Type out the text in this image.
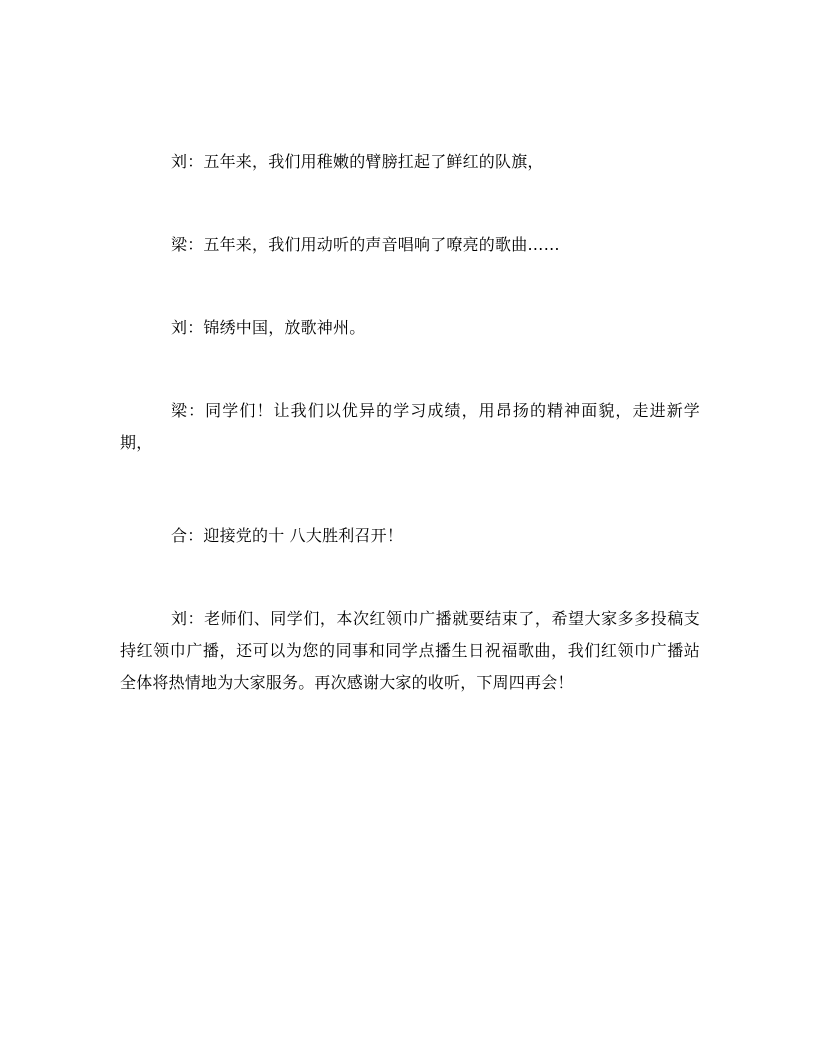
刘：五年来，我们用稚嫩的臂膀扛起了鲜红的队旗，

梁：五年来，我们用动听的声音唱响了嘹亮的歌曲……

刘：锦绣中国，放歌神州。

梁：同学们！让我们以优异的学习成绩，用昂扬的精神面貌，走进新学期，

合：迎接党的十 八大胜利召开！

刘：老师们、同学们，本次红领巾广播就要结束了，希望大家多多投稿支持红领巾广播，还可以为您的同事和同学点播生日祝福歌曲，我们红领巾广播站全体将热情地为大家服务。再次感谢大家的收听，下周四再会！
